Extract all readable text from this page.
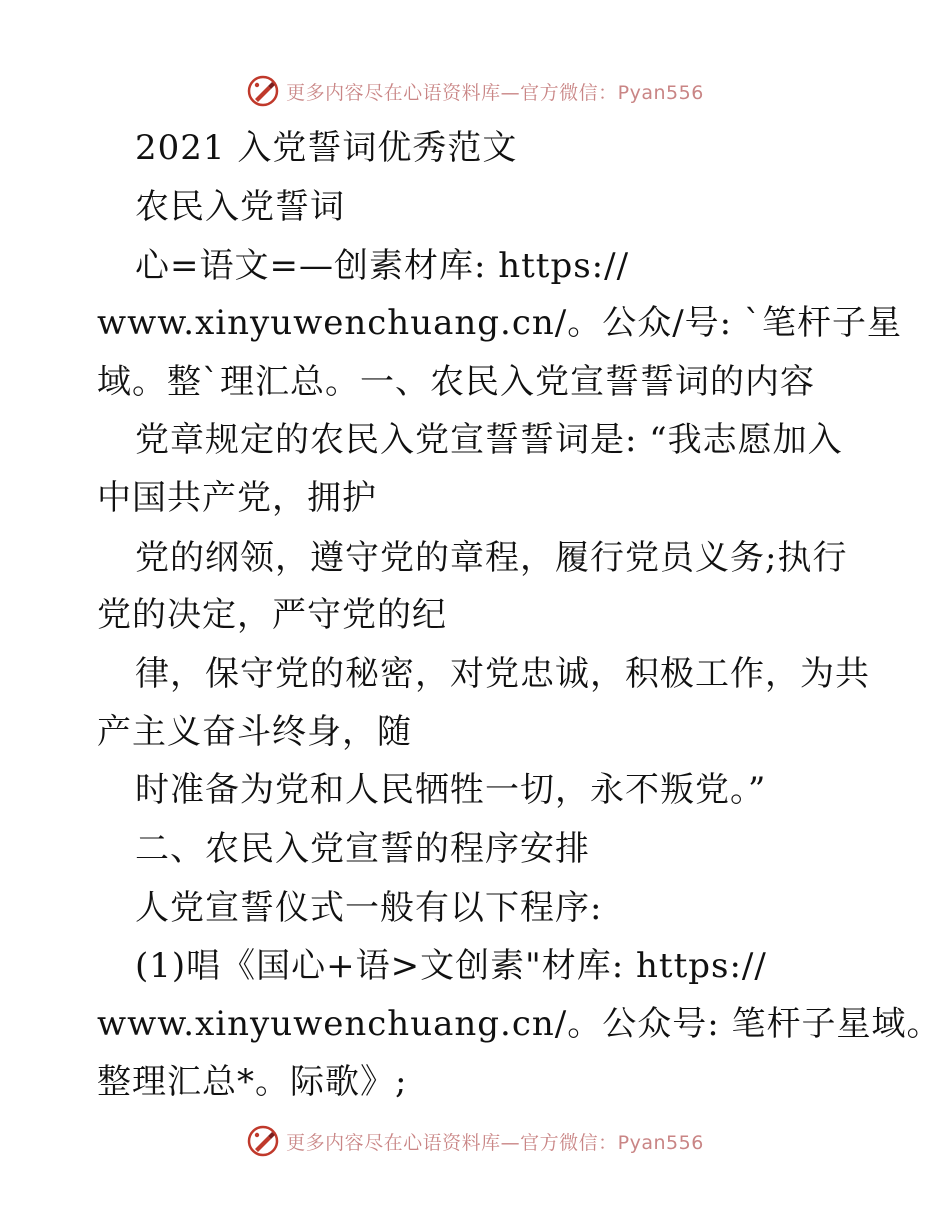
更多内容尽在心语资料库—官方微信：Pyan556
2021 入党誓词优秀范文
农民入党誓词
心=语文=—创素材库: https://
www.xinyuwenchuang.cn/。公众/号: `笔杆子星
域。整`理汇总。一、农民入党宣誓誓词的内容
党章规定的农民入党宣誓誓词是: “我志愿加入
中国共产党，拥护
党的纲领，遵守党的章程，履行党员义务;执行
党的决定，严守党的纪
律，保守党的秘密，对党忠诚，积极工作，为共
产主义奋斗终身，随
时准备为党和人民牺牲一切，永不叛党。”
二、农民入党宣誓的程序安排
人党宣誓仪式一般有以下程序:
(1)唱《国心+语>文创素"材库: https://
www.xinyuwenchuang.cn/。公众号: 笔杆子星域。
整理汇总*。际歌》;
更多内容尽在心语资料库—官方微信：Pyan556
